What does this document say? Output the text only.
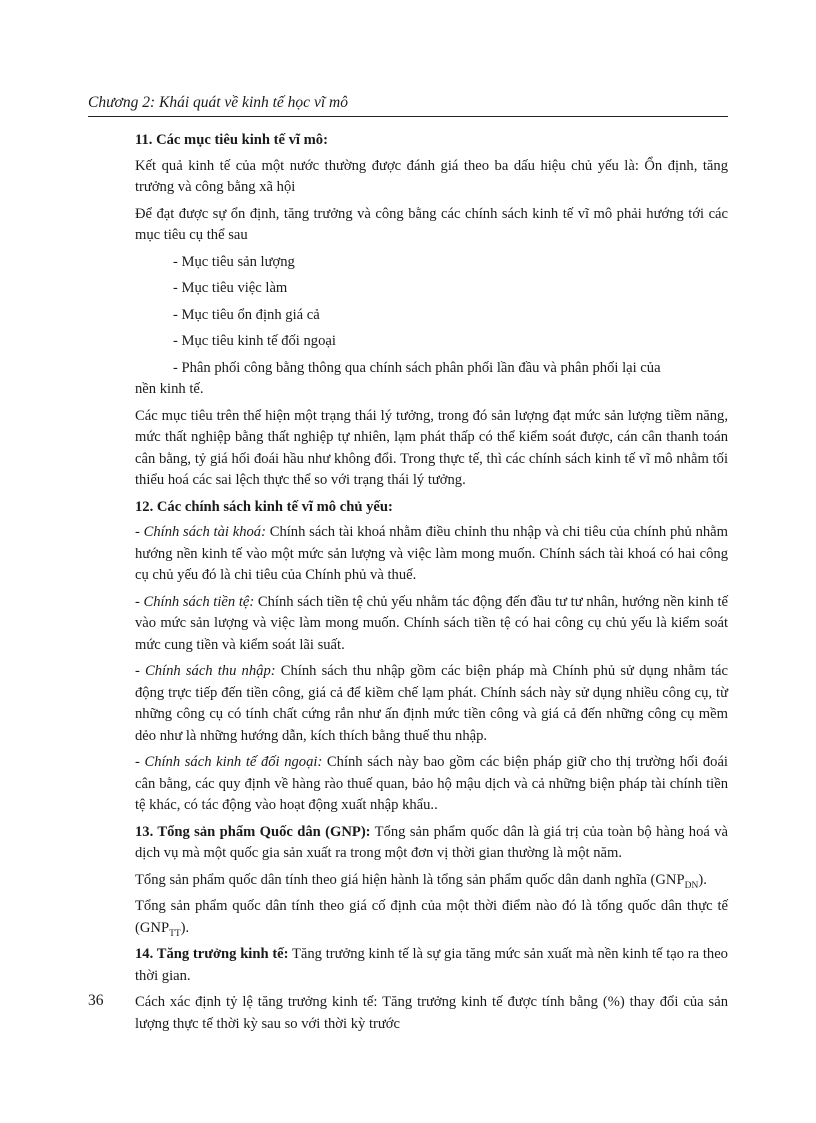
Chương 2: Khái quát về kinh tế học vĩ mô
11. Các mục tiêu kinh tế vĩ mô:

Kết quả kinh tế của một nước thường được đánh giá theo ba dấu hiệu chủ yếu là: Ổn định, tăng trưởng và công bằng xã hội

Để đạt được sự ổn định, tăng trưởng và công bằng các chính sách kinh tế vĩ mô phải hướng tới các mục tiêu cụ thể sau

- Mục tiêu sản lượng
- Mục tiêu việc làm
- Mục tiêu ổn định giá cả
- Mục tiêu kinh tế đối ngoại
- Phân phối công bằng thông qua chính sách phân phối lần đầu và phân phối lại của
nền kinh tế.

Các mục tiêu trên thể hiện một trạng thái lý tưởng, trong đó sản lượng đạt mức sản lượng tiềm năng, mức thất nghiệp bằng thất nghiệp tự nhiên, lạm phát thấp có thể kiểm soát được, cán cân thanh toán cân bằng, tỷ giá hối đoái hầu như không đổi. Trong thực tế, thì các chính sách kinh tế vĩ mô nhằm tối thiểu hoá các sai lệch thực thể so với trạng thái lý tưởng.

12. Các chính sách kinh tế vĩ mô chủ yếu:

- Chính sách tài khoá: Chính sách tài khoá nhằm điều chỉnh thu nhập và chi tiêu của chính phủ nhằm hướng nền kinh tế vào một mức sản lượng và việc làm mong muốn. Chính sách tài khoá có hai công cụ chủ yếu đó là chi tiêu của Chính phủ và thuế.

- Chính sách tiền tệ: Chính sách tiền tệ chủ yếu nhằm tác động đến đầu tư tư nhân, hướng nền kinh tế vào mức sản lượng và việc làm mong muốn. Chính sách tiền tệ có hai công cụ chủ yếu là kiểm soát mức cung tiền và kiểm soát lãi suất.

- Chính sách thu nhập: Chính sách thu nhập gồm các biện pháp mà Chính phủ sử dụng nhằm tác động trực tiếp đến tiền công, giá cả để kiềm chế lạm phát. Chính sách này sử dụng nhiều công cụ, từ những công cụ có tính chất cứng rắn như ấn định mức tiền công và giá cả đến những công cụ mềm dẻo như là những hướng dẫn, kích thích bằng thuế thu nhập.

- Chính sách kinh tế đối ngoại: Chính sách này bao gồm các biện pháp giữ cho thị trường hối đoái cân bằng, các quy định về hàng rào thuế quan, bảo hộ mậu dịch và cả những biện pháp tài chính tiền tệ khác, có tác động vào hoạt động xuất nhập khẩu..

13. Tổng sản phẩm Quốc dân (GNP): Tổng sản phẩm quốc dân là giá trị của toàn bộ hàng hoá và dịch vụ mà một quốc gia sản xuất ra trong một đơn vị thời gian thường là một năm.

Tổng sản phẩm quốc dân tính theo giá hiện hành là tổng sản phẩm quốc dân danh nghĩa $(GNP_{DN})$.

Tổng sản phẩm quốc dân tính theo giá cố định của một thời điểm nào đó là tổng quốc dân thực tế $(GNP_{TT})$.

14. Tăng trưởng kinh tế: Tăng trưởng kinh tế là sự gia tăng mức sản xuất mà nền kinh tế tạo ra theo thời gian.

Cách xác định tỷ lệ tăng trưởng kinh tế: Tăng trưởng kinh tế được tính bằng (%) thay đổi của sản lượng thực tế thời kỳ sau so với thời kỳ trước

36
